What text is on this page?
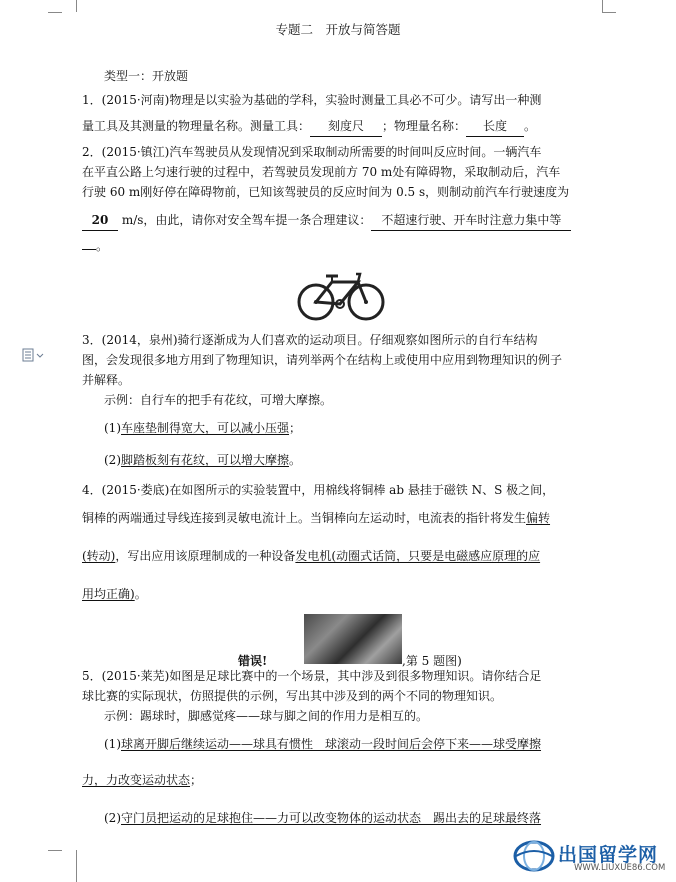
专题二　开放与简答题
类型一：开放题
1．(2015·河南)物理是以实验为基础的学科，实验时测量工具必不可少。请写出一种测
量工具及其测量的物理量名称。测量工具： 刻度尺 ；物理量名称： 长度 。
2．(2015·镇江)汽车驾驶员从发现情况到采取制动所需要的时间叫反应时间。一辆汽车
在平直公路上匀速行驶的过程中，若驾驶员发现前方 70 m处有障碍物，采取制动后，汽车
行驶 60 m刚好停在障碍物前，已知该驾驶员的反应时间为 0.5 s，则制动前汽车行驶速度为
20 m/s，由此，请你对安全驾车提一条合理建议： 不超速行驶、开车时注意力集中等
。
3．(2014，泉州)骑行逐渐成为人们喜欢的运动项目。仔细观察如图所示的自行车结构
图，会发现很多地方用到了物理知识，请列举两个在结构上或使用中应用到物理知识的例子
并解释。
示例：自行车的把手有花纹，可增大摩擦。
(1)车座垫制得宽大，可以减小压强；
(2)脚踏板刻有花纹，可以增大摩擦。
4．(2015·娄底)在如图所示的实验装置中，用棉线将铜棒 ab 悬挂于磁铁 N、S 极之间，
铜棒的两端通过导线连接到灵敏电流计上。当铜棒向左运动时，电流表的指针将发生偏转
(转动)，写出应用该原理制成的一种设备发电机(动圈式话筒，只要是电磁感应原理的应
用均正确)。
错误!	,第 5 题图)
5．(2015·莱芜)如图是足球比赛中的一个场景，其中涉及到很多物理知识。请你结合足
球比赛的实际现状，仿照提供的示例，写出其中涉及到的两个不同的物理知识。
示例：踢球时，脚感觉疼——球与脚之间的作用力是相互的。
(1)球离开脚后继续运动——球具有惯性　球滚动一段时间后会停下来——球受摩擦
力，力改变运动状态；
(2)守门员把运动的足球抱住——力可以改变物体的运动状态　踢出去的足球最终落
出国留学网
WWW.LIUXUE86.COM
